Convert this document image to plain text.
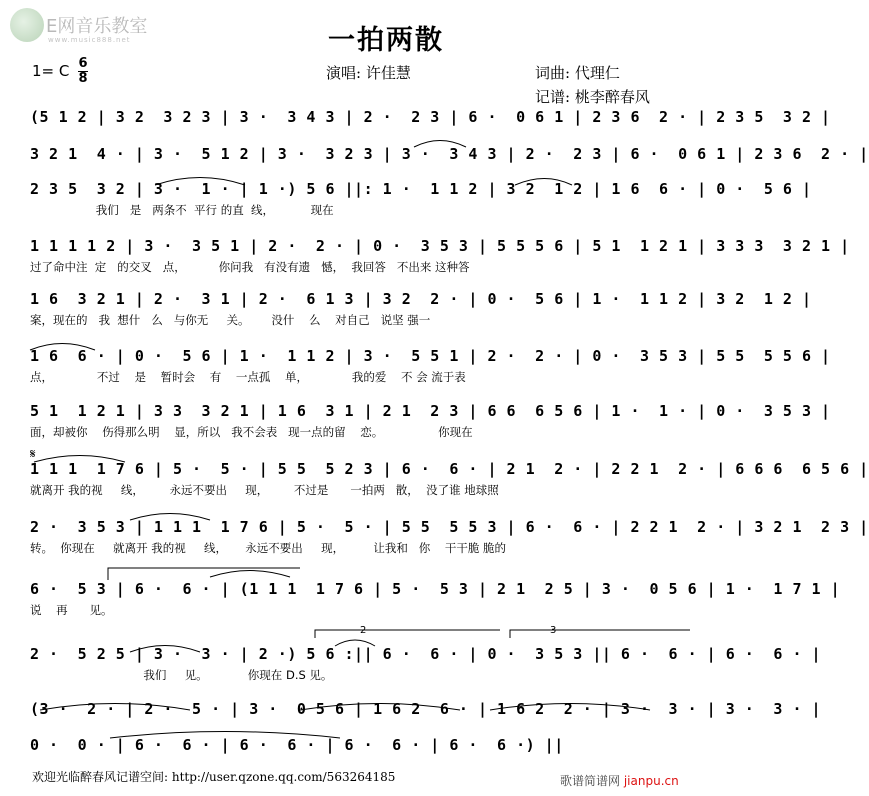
E网音乐教室
www.music888.net	一拍两散
1= C 6
8	演唱: 许佳慧	词曲: 代理仁
记谱: 桃李醉春风
(5 1 2 | 3 2  3 2 3 | 3 ·  3 4 3 | 2 ·  2 3 | 6 ·  0 6 1 | 2 3 6  2 · | 2 3 5  3 2 |
3 2 1  4 · | 3 ·  5 1 2 | 3 ·  3 2 3 | 3 ·  3 4 3 | 2 ·  2 3 | 6 ·  0 6 1 | 2 3 6  2 · |
2 3 5  3 2 | 3 ·  1 · | 1 ·) 5 6 ||: 1 ·  1 1 2 | 3 2  1 2 | 1 6  6 · | 0 ·  5 6 |
我们   是   两条不  平行 的直  线，          现在
1 1 1 1 2 | 3 ·  3 5 1 | 2 ·  2 · | 0 ·  3 5 3 | 5 5 5 6 | 5 1  1 2 1 | 3 3 3  3 2 1 |
过了命中注  定   的交叉   点，         你问我   有没有遗   憾，  我回答   不出来 这种答
1 6  3 2 1 | 2 ·  3 1 | 2 ·  6 1 3 | 3 2  2 · | 0 ·  5 6 | 1 ·  1 1 2 | 3 2  1 2 |
案，现在的   我  想什   么   与你无     关。      没什    么    对自己   说坚 强一
1 6  6 · | 0 ·  5 6 | 1 ·  1 1 2 | 3 ·  5 5 1 | 2 ·  2 · | 0 ·  3 5 3 | 5 5  5 5 6 |
点，            不过    是    暂时会    有    一点孤    单，            我的爱    不 会 流于表
5 1  1 2 1 | 3 3  3 2 1 | 1 6  3 1 | 2 1  2 3 | 6 6  6 5 6 | 1 ·  1 · | 0 ·  3 5 3 |
面，却被你    伤得那么明    显，所以   我不会表   现一点的留    恋。               你现在
1 1 1  1 7 6 | 5 ·  5 · | 5 5  5 2 3 | 6 ·  6 · | 2 1  2 · | 2 2 1  2 · | 6 6 6  6 5 6 |
就离开 我的视     线，       永远不要出     现，       不过是      一拍两   散，  没了谁 地球照
2 ·  3 5 3 | 1 1 1  1 7 6 | 5 ·  5 · | 5 5  5 5 3 | 6 ·  6 · | 2 2 1  2 · | 3 2 1  2 3 |
转。  你现在     就离开 我的视     线，     永远不要出     现，        让我和   你    干干脆 脆的
6 ·  5 3 | 6 ·  6 · | (1 1 1  1 7 6 | 5 ·  5 3 | 2 1  2 5 | 3 ·  0 5 6 | 1 ·  1 7 1 |
说    再      见。
2 ·  5 2 5 | 3 ·  3 · | 2 ·) 5 6 :|| 6 ·  6 · | 0 ·  3 5 3 || 6 ·  6 · | 6 ·  6 · |
我们     见。           你现在 D.S 见。
(3 ·  2 · | 2 ·  5 · | 3 ·  0 5 6 | 1 6 2  6 · | 1 6 2  2 · | 3 ·  3 · | 3 ·  3 · |
0 ·  0 · | 6 ·  6 · | 6 ·  6 · | 6 ·  6 · | 6 ·  6 ·) ||
2	3
𝄋
欢迎光临醉春风记谱空间: http://user.qzone.qq.com/563264185	歌谱简谱网 jianpu.cn
